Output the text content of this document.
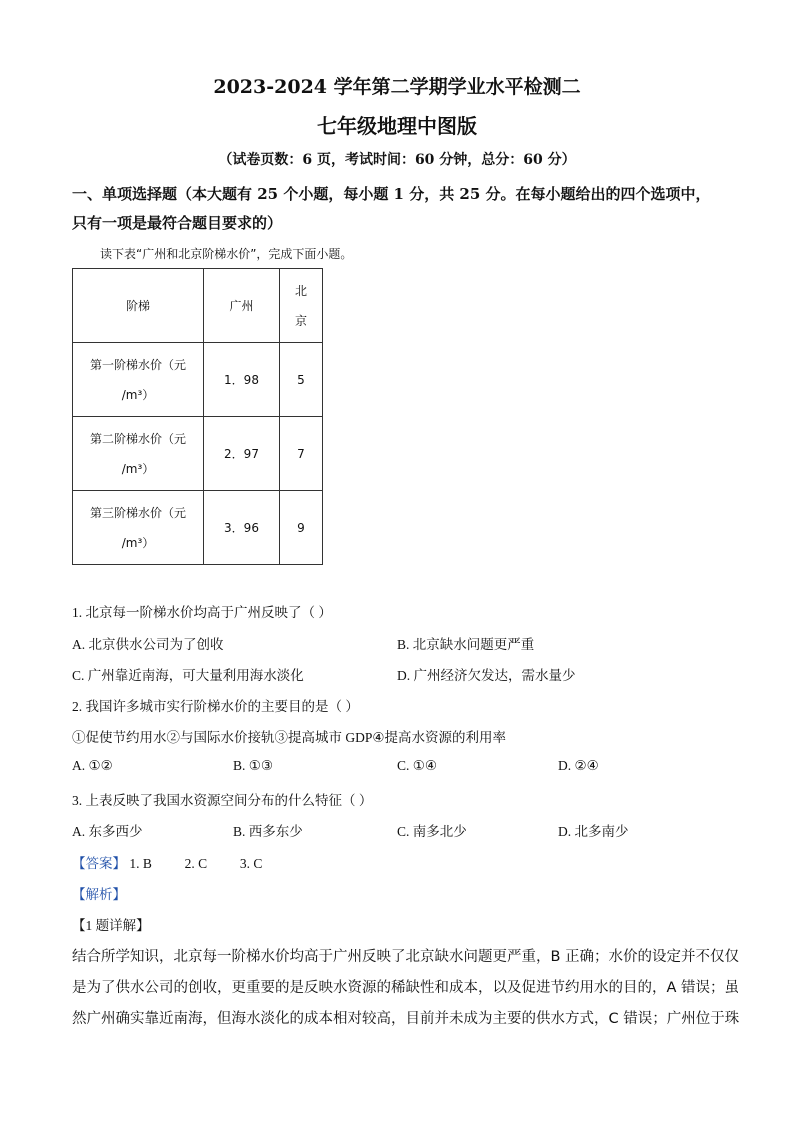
2023-2024 学年第二学期学业水平检测二
七年级地理中图版
（试卷页数：6 页，考试时间：60 分钟，总分：60 分）
一、单项选择题（本大题有 25 个小题，每小题 1 分，共 25 分。在每小题给出的四个选项中，
只有一项是最符合题目要求的）
读下表“广州和北京阶梯水价”，完成下面小题。
阶梯	广州	北
京

第一阶梯水价（元
/m³）	1．98	5

第二阶梯水价（元
/m³）	2．97	7

第三阶梯水价（元
/m³）	3．96	9
1. 北京每一阶梯水价均高于广州反映了（ ）
A. 北京供水公司为了创收	B. 北京缺水问题更严重
C. 广州靠近南海，可大量利用海水淡化	D. 广州经济欠发达，需水量少
2. 我国许多城市实行阶梯水价的主要目的是（ ）
①促使节约用水②与国际水价接轨③提高城市 GDP④提高水资源的利用率
A. ①②	B. ①③	C. ①④	D. ②④
3. 上表反映了我国水资源空间分布的什么特征（ ）
A. 东多西少	B. 西多东少	C. 南多北少	D. 北多南少
【答案】 1. B 2. C 3. C
【解析】
【1 题详解】
结合所学知识，北京每一阶梯水价均高于广州反映了北京缺水问题更严重，B 正确；水价的设定并不仅仅
是为了供水公司的创收，更重要的是反映水资源的稀缺性和成本，以及促进节约用水的目的，A 错误；虽
然广州确实靠近南海，但海水淡化的成本相对较高，目前并未成为主要的供水方式，C 错误；广州位于珠
